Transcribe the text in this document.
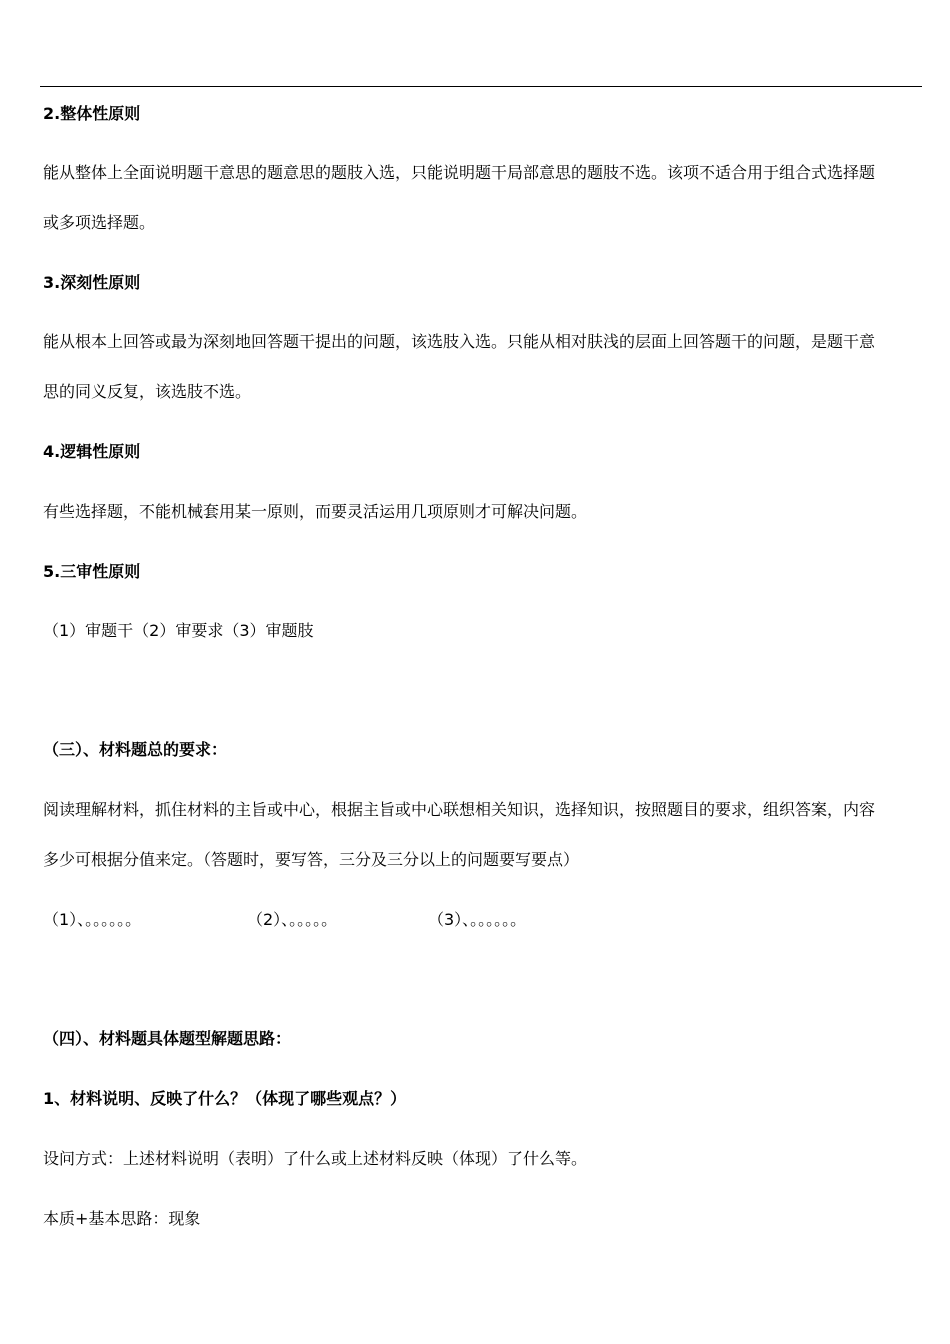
2.整体性原则
能从整体上全面说明题干意思的题意思的题肢入选，只能说明题干局部意思的题肢不选。该项不适合用于组合式选择题
或多项选择题。
3.深刻性原则
能从根本上回答或最为深刻地回答题干提出的问题，该选肢入选。只能从相对肤浅的层面上回答题干的问题，是题干意
思的同义反复，该选肢不选。
4.逻辑性原则
有些选择题，不能机械套用某一原则，而要灵活运用几项原则才可解决问题。
5.三审性原则
（1）审题干（2）审要求（3）审题肢
（三）、材料题总的要求：
阅读理解材料，抓住材料的主旨或中心，根据主旨或中心联想相关知识，选择知识，按照题目的要求，组织答案，内容
多少可根据分值来定。（答题时，要写答，三分及三分以上的问题要写要点）
（1）、。。。。。。	（2）、。。。。。	（3）、。。。。。。
（四）、材料题具体题型解题思路：
1、材料说明、反映了什么？（体现了哪些观点？）
设问方式：上述材料说明（表明）了什么或上述材料反映（体现）了什么等。
本质+基本思路：现象
